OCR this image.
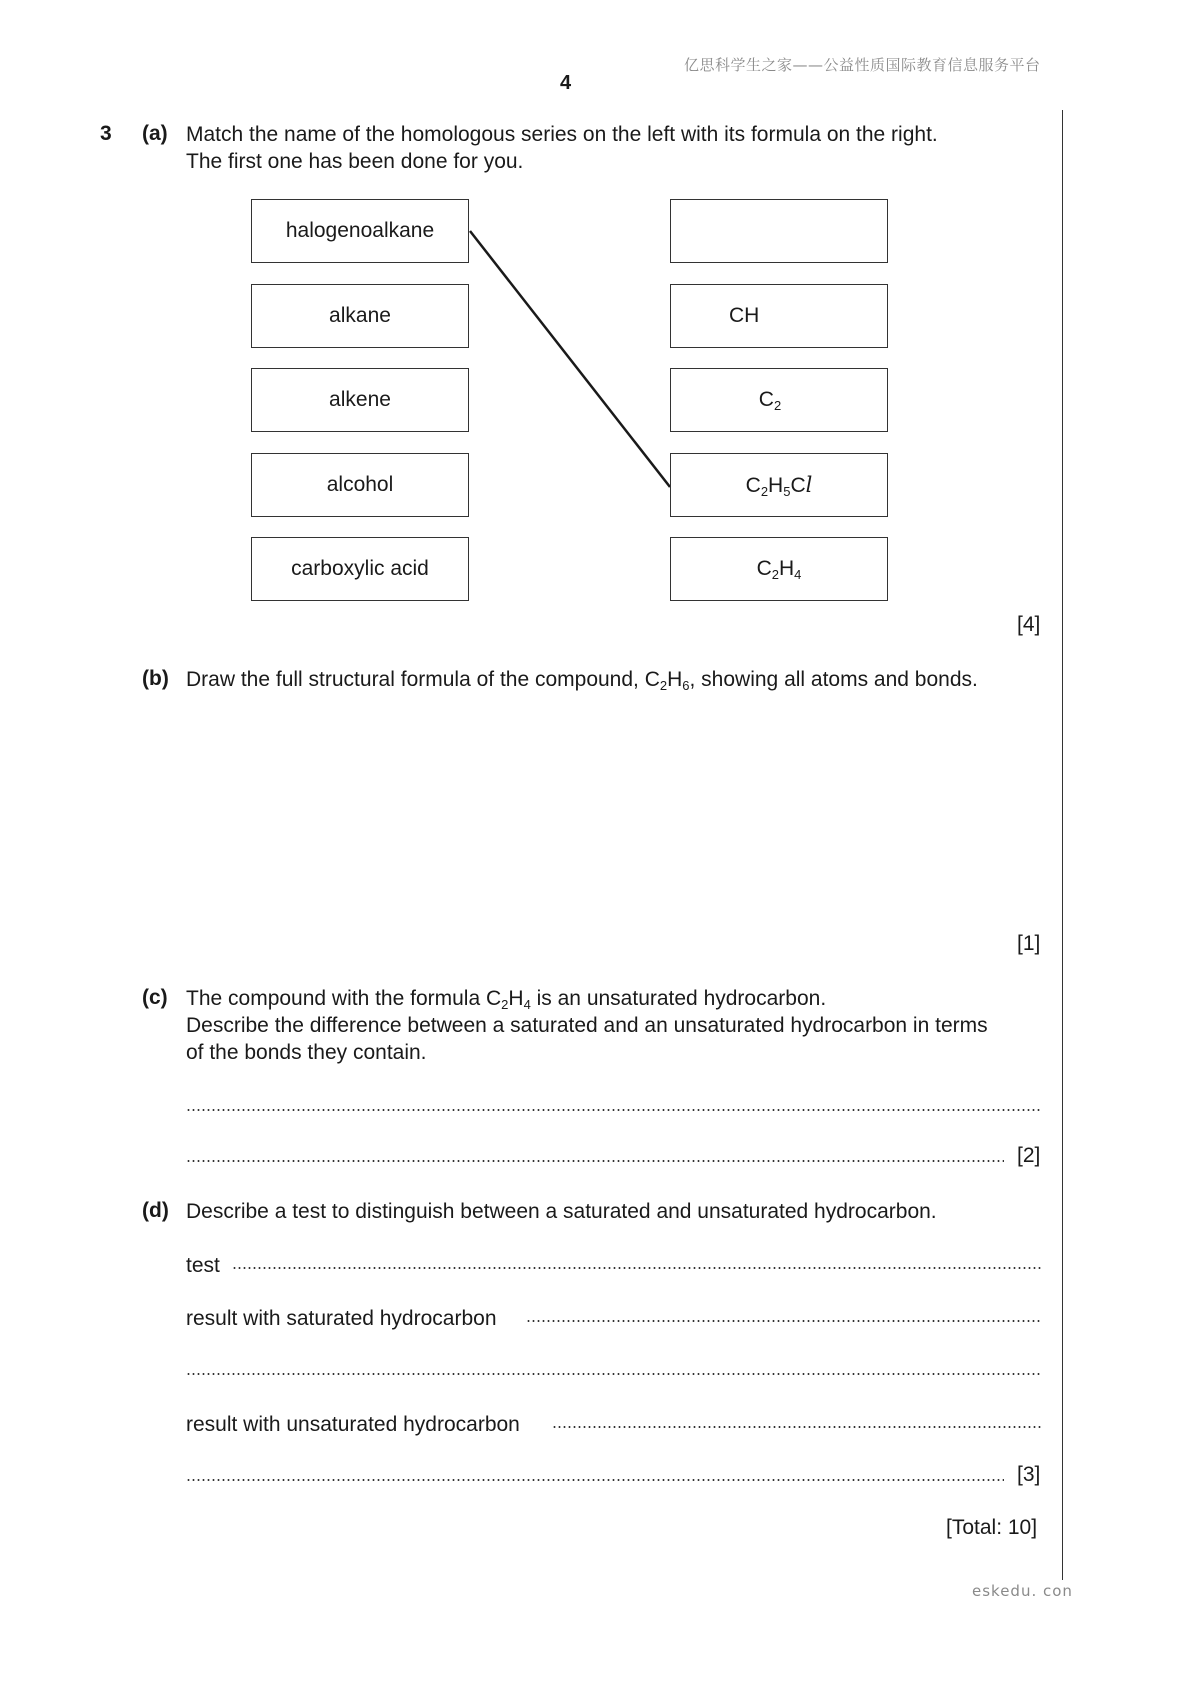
亿思科学生之家——公益性质国际教育信息服务平台
4
3 (a) Match the name of the homologous series on the left with its formula on the right.
The first one has been done for you.
halogenoalkane
alkane
alkene
alcohol
carboxylic acid
CH
$C_2$
$C_2H_5Cl$
$C_2H_4$
[4]
(b) Draw the full structural formula of the compound, $C_2H_6$, showing all atoms and bonds.
[1]
(c) The compound with the formula $C_2H_4$ is an unsaturated hydrocarbon.
Describe the difference between a saturated and an unsaturated hydrocarbon in terms
of the bonds they contain.
[2]
(d) Describe a test to distinguish between a saturated and unsaturated hydrocarbon.
test
result with saturated hydrocarbon
result with unsaturated hydrocarbon
[3]
[Total: 10]
eskedu. con
